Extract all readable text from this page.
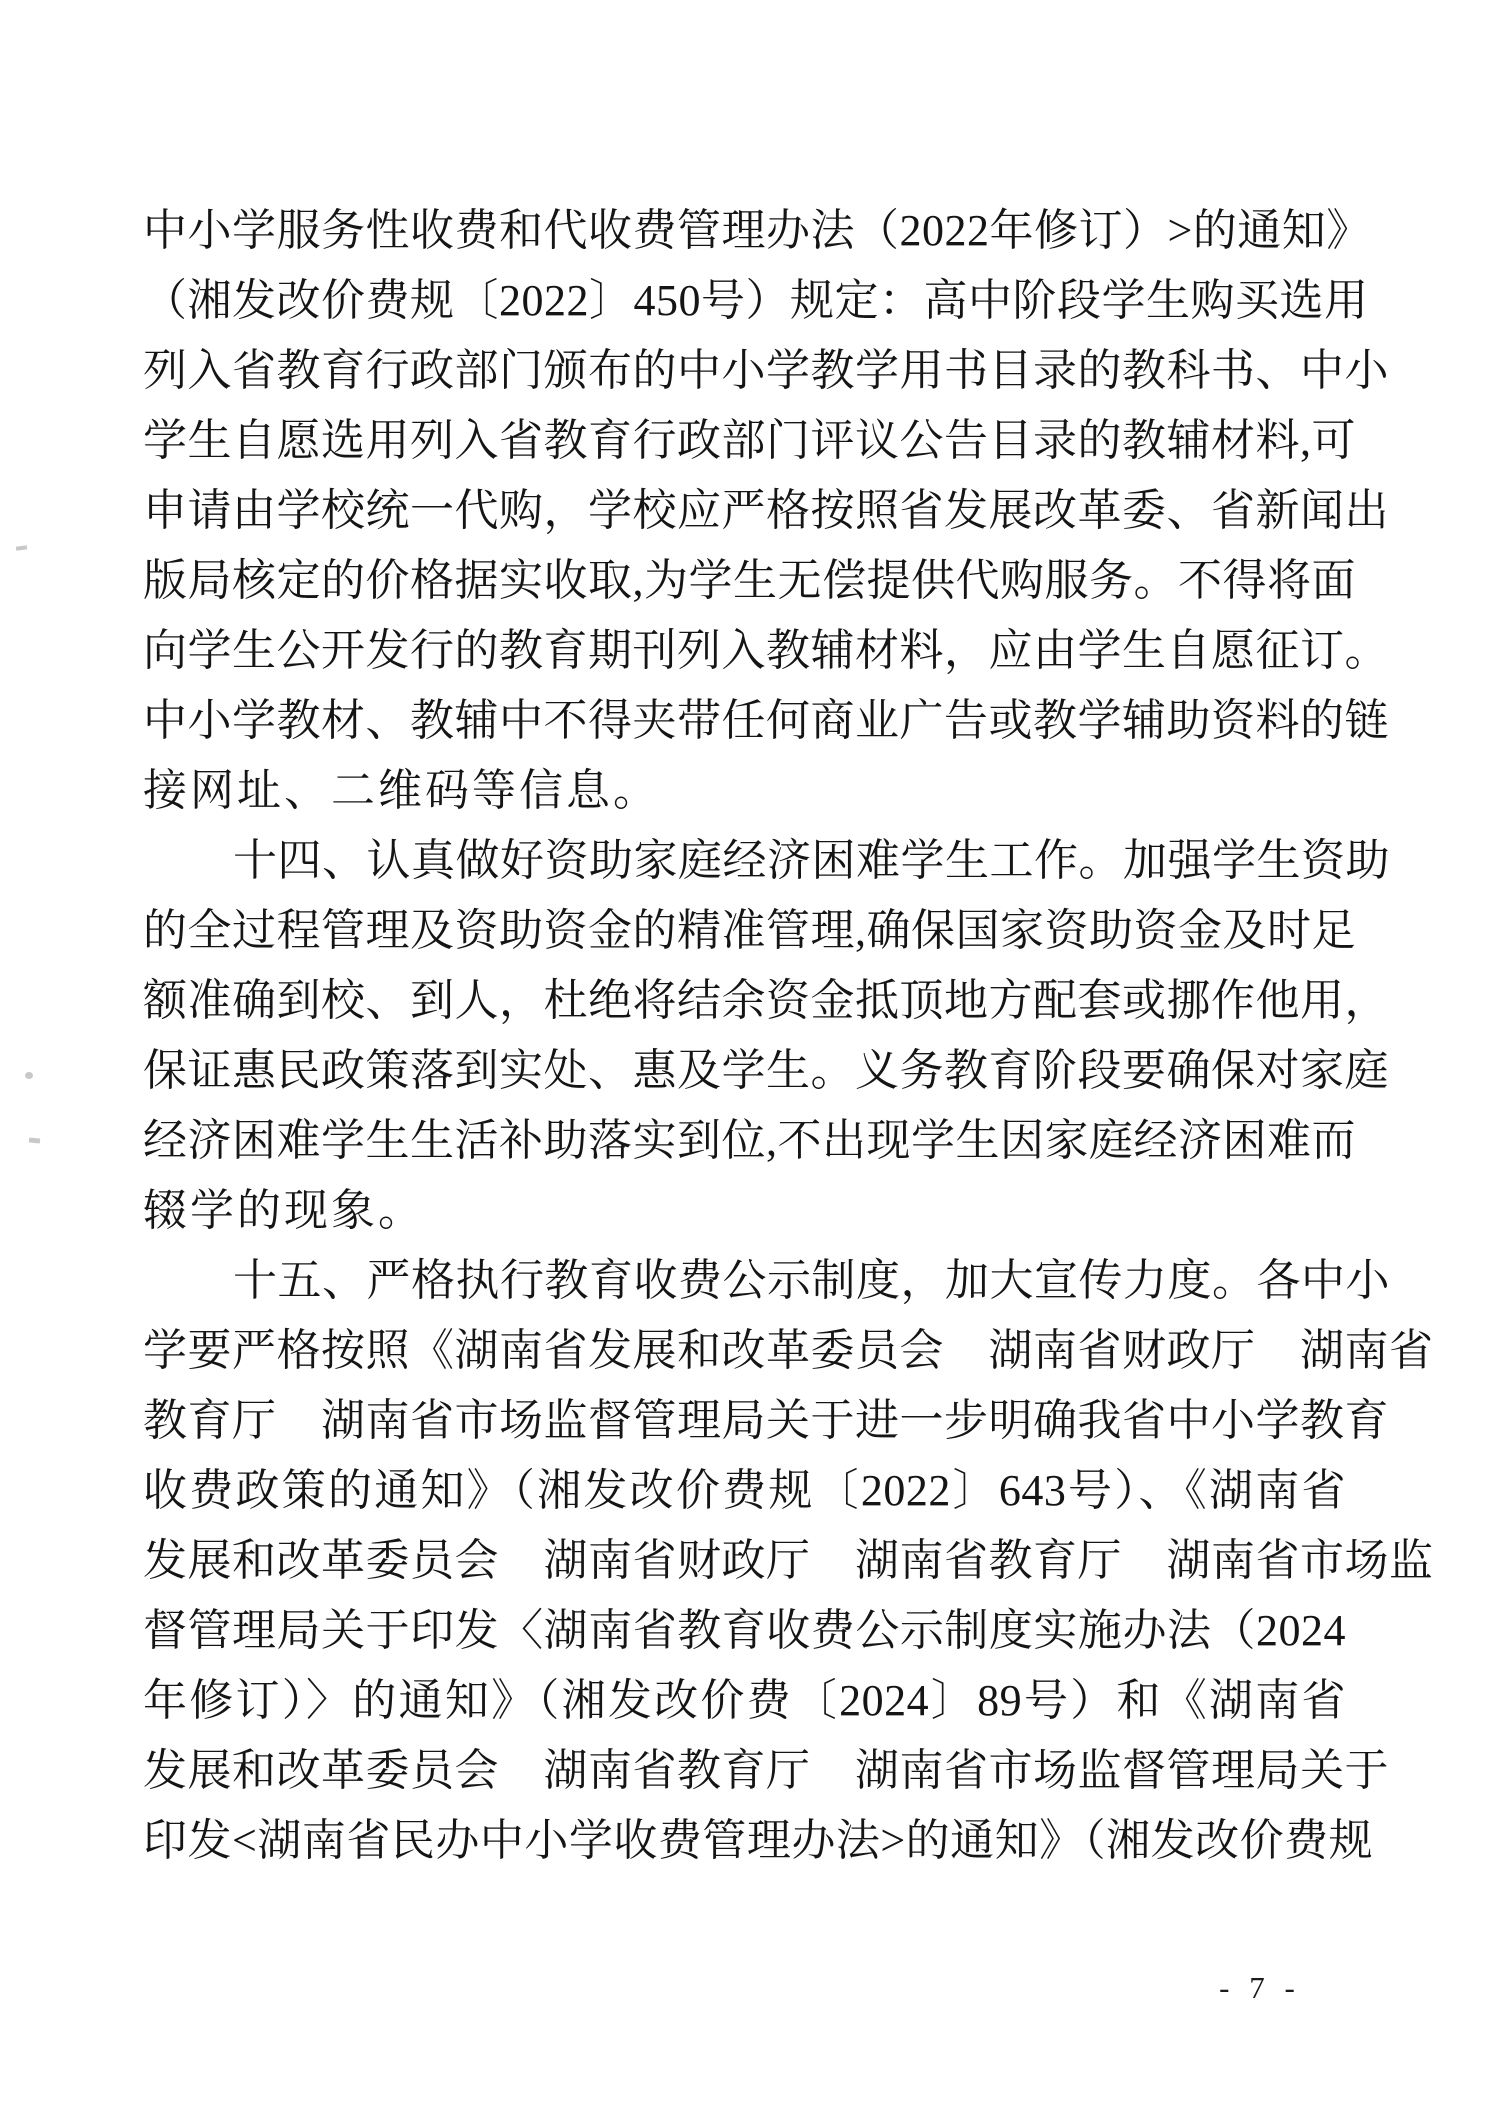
中小学服务性收费和代收费管理办法（2022年修订）>的通知》
（湘发改价费规〔2022〕450号）规定：高中阶段学生购买选用
列入省教育行政部门颁布的中小学教学用书目录的教科书、中小
学生自愿选用列入省教育行政部门评议公告目录的教辅材料,可
申请由学校统一代购，学校应严格按照省发展改革委、省新闻出
版局核定的价格据实收取,为学生无偿提供代购服务。不得将面
向学生公开发行的教育期刊列入教辅材料，应由学生自愿征订。
中小学教材、教辅中不得夹带任何商业广告或教学辅助资料的链
接网址、二维码等信息。
十四、认真做好资助家庭经济困难学生工作。加强学生资助
的全过程管理及资助资金的精准管理,确保国家资助资金及时足
额准确到校、到人，杜绝将结余资金抵顶地方配套或挪作他用，
保证惠民政策落到实处、惠及学生。义务教育阶段要确保对家庭
经济困难学生生活补助落实到位,不出现学生因家庭经济困难而
辍学的现象。
十五、严格执行教育收费公示制度，加大宣传力度。各中小
学要严格按照《湖南省发展和改革委员会　湖南省财政厅　湖南省
教育厅　湖南省市场监督管理局关于进一步明确我省中小学教育
收费政策的通知》（湘发改价费规〔2022〕643号）、《湖南省
发展和改革委员会　湖南省财政厅　湖南省教育厅　湖南省市场监
督管理局关于印发〈湖南省教育收费公示制度实施办法（2024
年修订）〉的通知》（湘发改价费〔2024〕89号）和《湖南省
发展和改革委员会　湖南省教育厅　湖南省市场监督管理局关于
印发<湖南省民办中小学收费管理办法>的通知》（湘发改价费规
- 7 -
